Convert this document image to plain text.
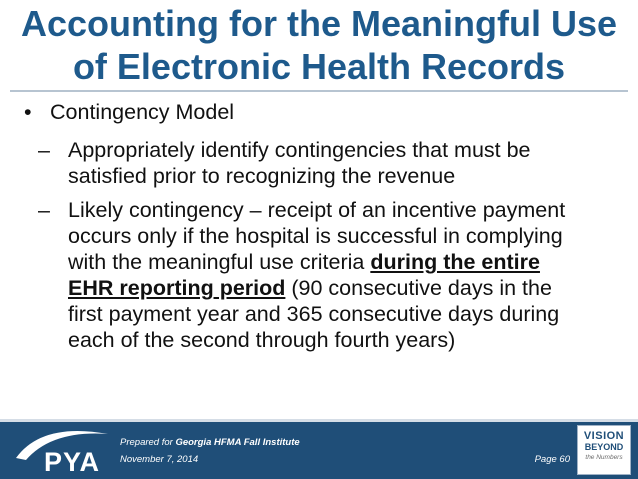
Accounting for the Meaningful Use
of Electronic Health Records
• Contingency Model
– Appropriately identify contingencies that must be satisfied prior to recognizing the revenue
– Likely contingency – receipt of an incentive payment occurs only if the hospital is successful in complying with the meaningful use criteria during the entire EHR reporting period (90 consecutive days in the first payment year and 365 consecutive days during each of the second through fourth years)
PYA
Prepared for Georgia HFMA Fall Institute
November 7, 2014	Page 60
VISION
BEYOND
the Numbers
